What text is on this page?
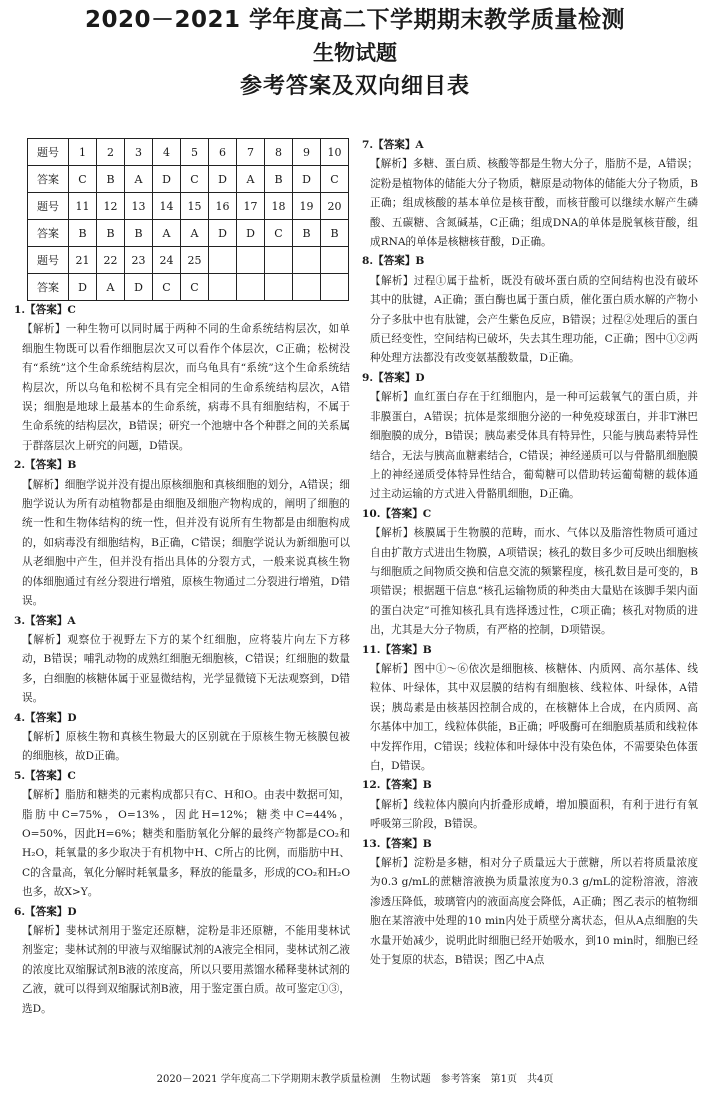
2020－2021 学年度高二下学期期末教学质量检测
生物试题
参考答案及双向细目表
题号	1	2	3	4	5	6	7	8	9	10
答案	C	B	A	D	C	D	A	B	D	C
题号	11	12	13	14	15	16	17	18	19	20
答案	B	B	B	A	A	D	D	C	B	B
题号	21	22	23	24	25					
答案	D	A	D	C	C					
1.【答案】C
【解析】一种生物可以同时属于两种不同的生命系统结构层次，如单细胞生物既可以看作细胞层次又可以看作个体层次，C正确；松树没有“系统”这个生命系统结构层次，而乌龟具有“系统”这个生命系统结构层次，所以乌龟和松树不具有完全相同的生命系统结构层次，A错误；细胞是地球上最基本的生命系统，病毒不具有细胞结构，不属于生命系统的结构层次，B错误；研究一个池塘中各个种群之间的关系属于群落层次上研究的问题，D错误。
2.【答案】B
【解析】细胞学说并没有提出原核细胞和真核细胞的划分，A错误；细胞学说认为所有动植物都是由细胞及细胞产物构成的，阐明了细胞的统一性和生物体结构的统一性，但并没有说所有生物都是由细胞构成的，如病毒没有细胞结构，B正确，C错误；细胞学说认为新细胞可以从老细胞中产生，但并没有指出具体的分裂方式，一般来说真核生物的体细胞通过有丝分裂进行增殖，原核生物通过二分裂进行增殖，D错误。
3.【答案】A
【解析】观察位于视野左下方的某个红细胞，应将装片向左下方移动，B错误；哺乳动物的成熟红细胞无细胞核，C错误；红细胞的数量多，白细胞的核糖体属于亚显微结构，光学显微镜下无法观察到，D错误。
4.【答案】D
【解析】原核生物和真核生物最大的区别就在于原核生物无核膜包被的细胞核，故D正确。
5.【答案】C
【解析】脂肪和糖类的元素构成都只有C、H和O。由表中数据可知，脂肪中C=75%，O=13%，因此H=12%；糖类中C=44%，O=50%，因此H=6%；糖类和脂肪氧化分解的最终产物都是CO₂和H₂O，耗氧量的多少取决于有机物中H、C所占的比例，而脂肪中H、C的含量高，氧化分解时耗氧量多，释放的能量多，形成的CO₂和H₂O也多，故X>Y。
6.【答案】D
【解析】斐林试剂用于鉴定还原糖，淀粉是非还原糖，不能用斐林试剂鉴定；斐林试剂的甲液与双缩脲试剂的A液完全相同，斐林试剂乙液的浓度比双缩脲试剂B液的浓度高，所以只要用蒸馏水稀释斐林试剂的乙液，就可以得到双缩脲试剂B液，用于鉴定蛋白质。故可鉴定①③，选D。
7.【答案】A
【解析】多糖、蛋白质、核酸等都是生物大分子，脂肪不是，A错误；淀粉是植物体的储能大分子物质，糖原是动物体的储能大分子物质，B正确；组成核酸的基本单位是核苷酸，而核苷酸可以继续水解产生磷酸、五碳糖、含氮碱基，C正确；组成DNA的单体是脱氧核苷酸，组成RNA的单体是核糖核苷酸，D正确。
8.【答案】B
【解析】过程①属于盐析，既没有破坏蛋白质的空间结构也没有破坏其中的肽键，A正确；蛋白酶也属于蛋白质，催化蛋白质水解的产物小分子多肽中也有肽键，会产生紫色反应，B错误；过程②处理后的蛋白质已经变性，空间结构已破坏，失去其生理功能，C正确；图中①②两种处理方法都没有改变氨基酸数量，D正确。
9.【答案】D
【解析】血红蛋白存在于红细胞内，是一种可运载氧气的蛋白质，并非膜蛋白，A错误；抗体是浆细胞分泌的一种免疫球蛋白，并非T淋巴细胞膜的成分，B错误；胰岛素受体具有特异性，只能与胰岛素特异性结合，无法与胰高血糖素结合，C错误；神经递质可以与骨骼肌细胞膜上的神经递质受体特异性结合，葡萄糖可以借助转运葡萄糖的载体通过主动运输的方式进入骨骼肌细胞，D正确。
10.【答案】C
【解析】核膜属于生物膜的范畴，而水、气体以及脂溶性物质可通过自由扩散方式进出生物膜，A项错误；核孔的数目多少可反映出细胞核与细胞质之间物质交换和信息交流的频繁程度，核孔数目是可变的，B项错误；根据题干信息“核孔运输物质的种类由大量贴在该脚手架内面的蛋白决定”可推知核孔具有选择透过性，C项正确；核孔对物质的进出，尤其是大分子物质，有严格的控制，D项错误。
11.【答案】B
【解析】图中①～⑥依次是细胞核、核糖体、内质网、高尔基体、线粒体、叶绿体，其中双层膜的结构有细胞核、线粒体、叶绿体，A错误；胰岛素是由核基因控制合成的，在核糖体上合成，在内质网、高尔基体中加工，线粒体供能，B正确；呼吸酶可在细胞质基质和线粒体中发挥作用，C错误；线粒体和叶绿体中没有染色体，不需要染色体蛋白，D错误。
12.【答案】B
【解析】线粒体内膜向内折叠形成嵴，增加膜面积，有利于进行有氧呼吸第三阶段，B错误。
13.【答案】B
【解析】淀粉是多糖，相对分子质量远大于蔗糖，所以若将质量浓度为0.3 g/mL的蔗糖溶液换为质量浓度为0.3 g/mL的淀粉溶液，溶液渗透压降低，玻璃管内的液面高度会降低，A正确；图乙表示的植物细胞在某溶液中处理的10 min内处于质壁分离状态，但从A点细胞的失水量开始减少，说明此时细胞已经开始吸水，到10 min时，细胞已经处于复原的状态，B错误；图乙中A点
2020－2021 学年度高二下学期期末教学质量检测　生物试题　参考答案　第1页　共4页
